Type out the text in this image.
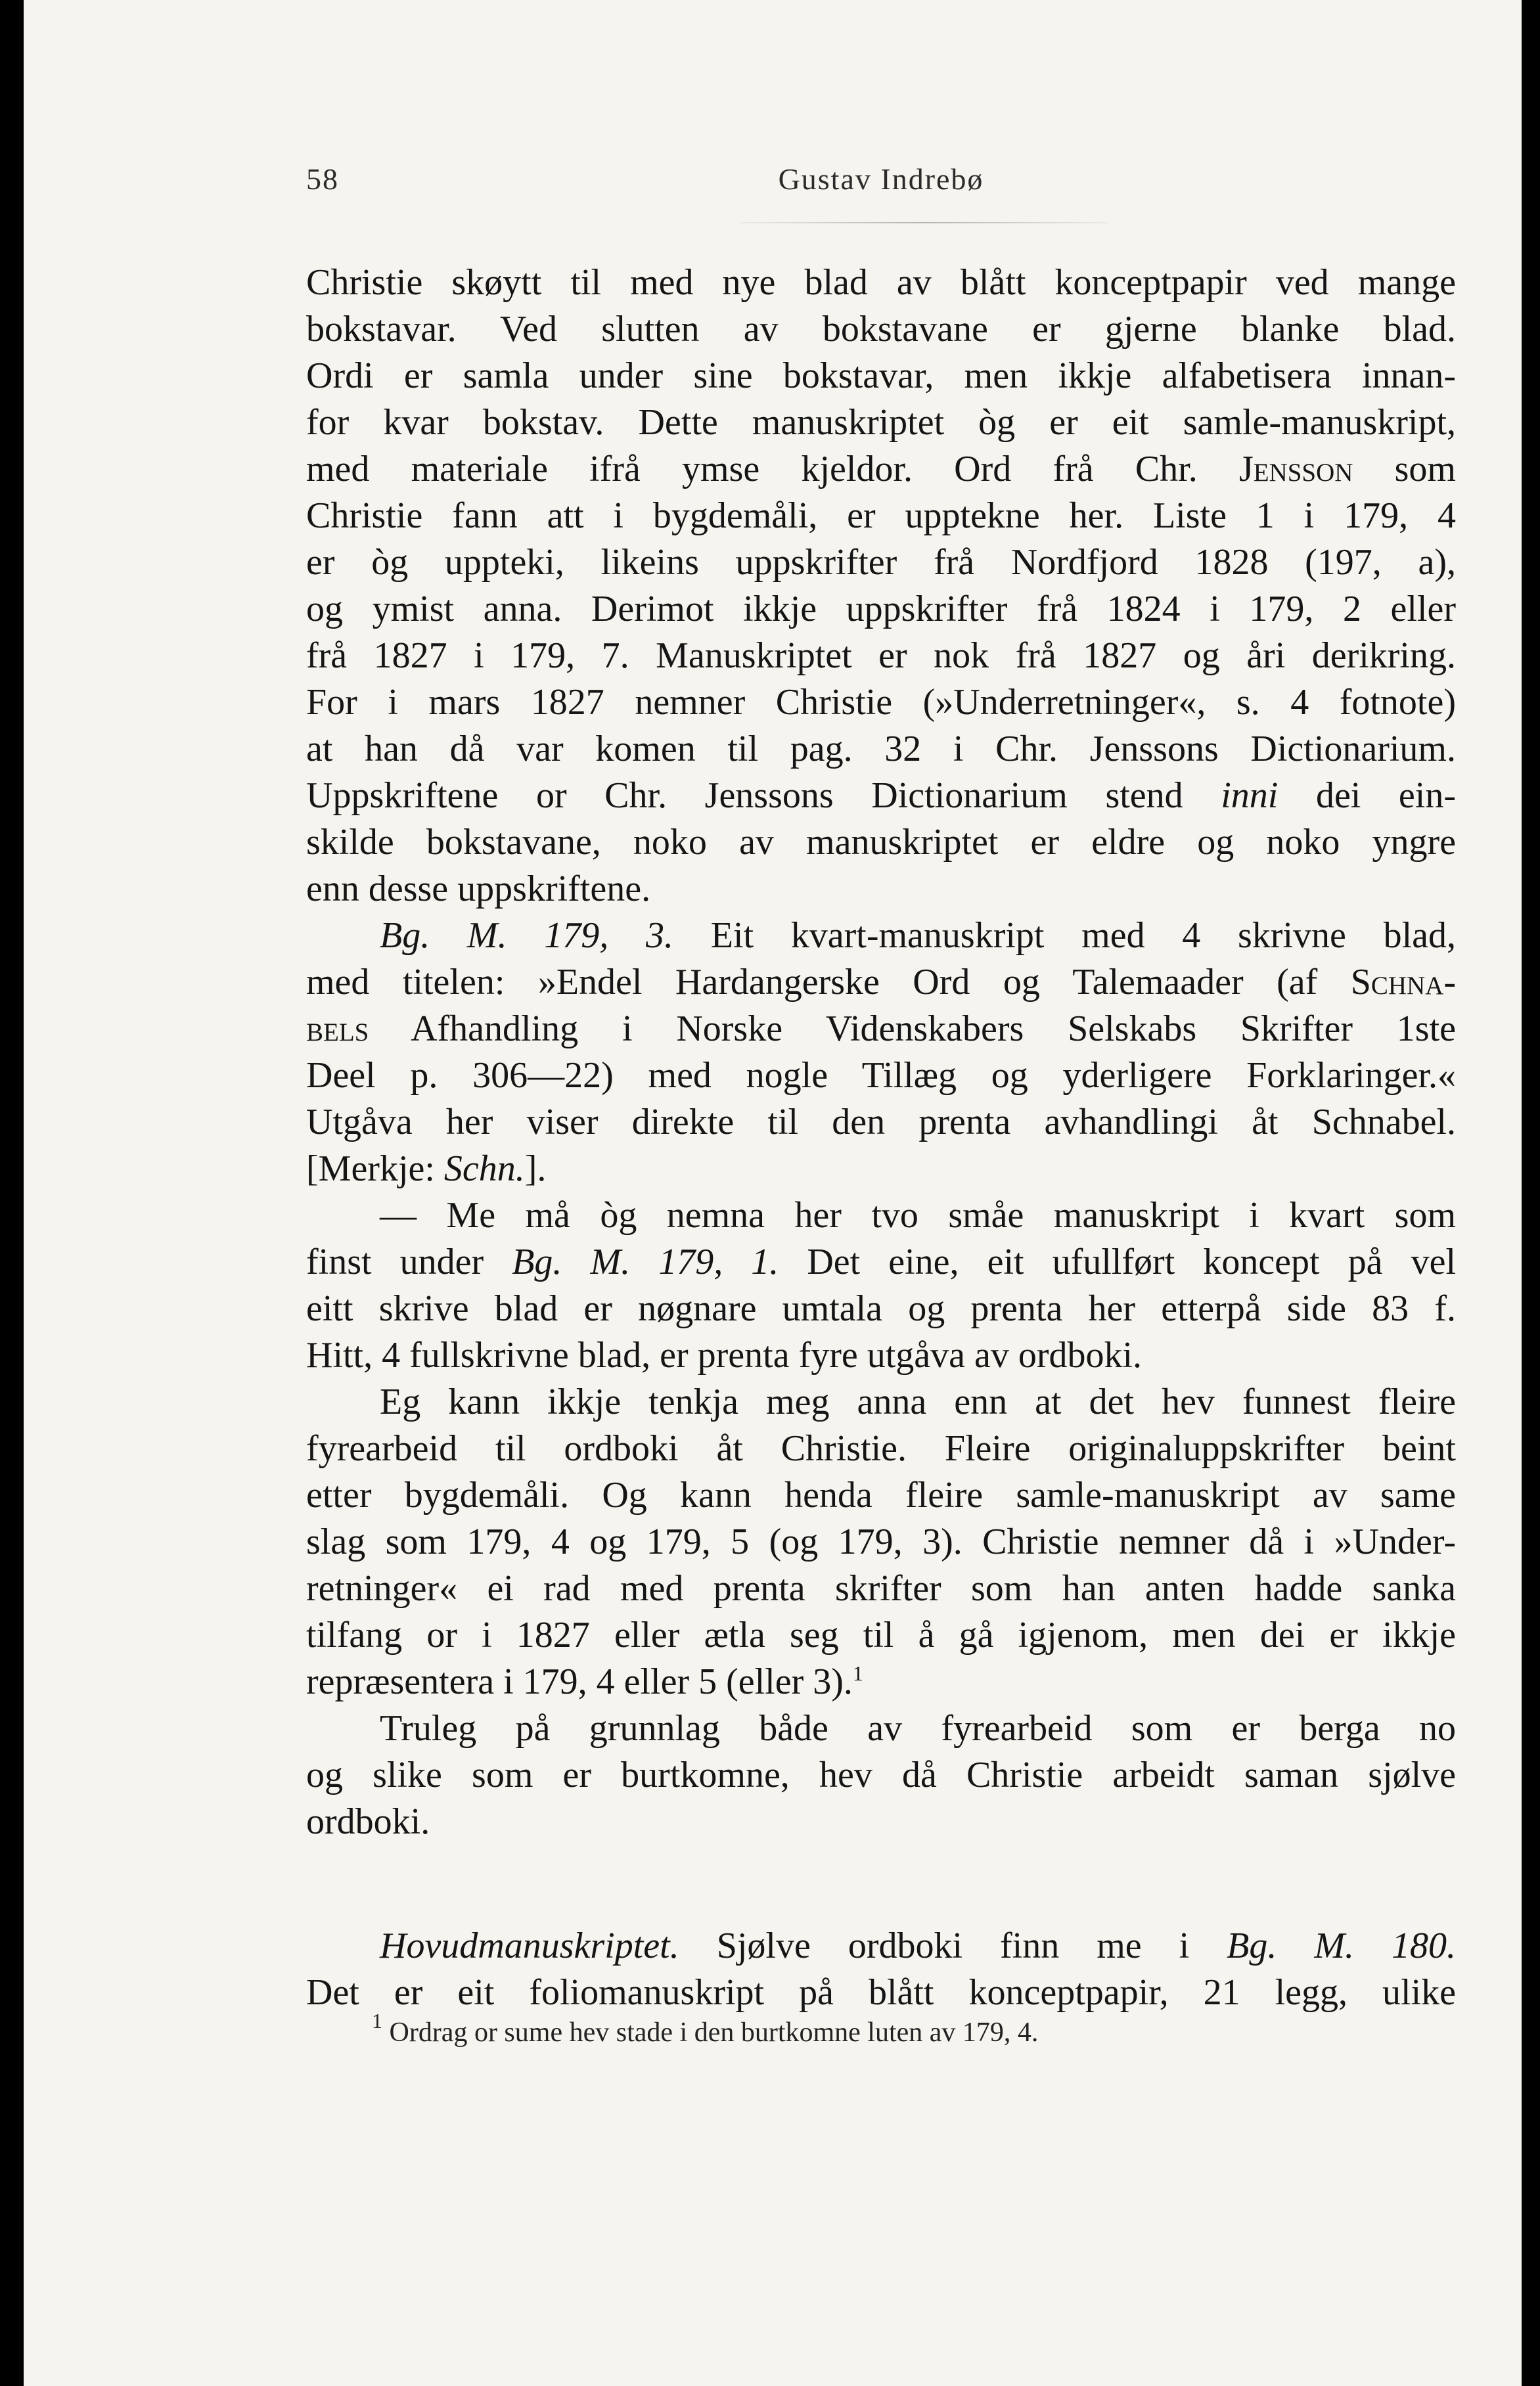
58	Gustav Indrebø
Christie skøytt til med nye blad av blått konceptpapir ved mange
bokstavar. Ved slutten av bokstavane er gjerne blanke blad.
Ordi er samla under sine bokstavar, men ikkje alfabetisera innan-
for kvar bokstav. Dette manuskriptet òg er eit samle-manuskript,
med materiale ifrå ymse kjeldor. Ord frå Chr. Jensson som
Christie fann att i bygdemåli, er upptekne her. Liste 1 i 179, 4
er òg uppteki, likeins uppskrifter frå Nordfjord 1828 (197, a),
og ymist anna. Derimot ikkje uppskrifter frå 1824 i 179, 2 eller
frå 1827 i 179, 7. Manuskriptet er nok frå 1827 og åri derikring.
For i mars 1827 nemner Christie (»Underretninger«, s. 4 fotnote)
at han då var komen til pag. 32 i Chr. Jenssons Dictionarium.
Uppskriftene or Chr. Jenssons Dictionarium stend inni dei ein-
skilde bokstavane, noko av manuskriptet er eldre og noko yngre
enn desse uppskriftene.
Bg. M. 179, 3. Eit kvart-manuskript med 4 skrivne blad,
med titelen: »Endel Hardangerske Ord og Talemaader (af Schna-
bels Afhandling i Norske Videnskabers Selskabs Skrifter 1ste
Deel p. 306—22) med nogle Tillæg og yderligere Forklaringer.«
Utgåva her viser direkte til den prenta avhandlingi åt Schnabel.
[Merkje: Schn.].
— Me må òg nemna her tvo småe manuskript i kvart som
finst under Bg. M. 179, 1. Det eine, eit ufullført koncept på vel
eitt skrive blad er nøgnare umtala og prenta her etterpå side 83 f.
Hitt, 4 fullskrivne blad, er prenta fyre utgåva av ordboki.
Eg kann ikkje tenkja meg anna enn at det hev funnest fleire
fyrearbeid til ordboki åt Christie. Fleire originaluppskrifter beint
etter bygdemåli. Og kann henda fleire samle-manuskript av same
slag som 179, 4 og 179, 5 (og 179, 3). Christie nemner då i »Under-
retninger« ei rad med prenta skrifter som han anten hadde sanka
tilfang or i 1827 eller ætla seg til å gå igjenom, men dei er ikkje
repræsentera i 179, 4 eller 5 (eller 3).$^1$
Truleg på grunnlag både av fyrearbeid som er berga no
og slike som er burtkomne, hev då Christie arbeidt saman sjølve
ordboki.
Hovudmanuskriptet. Sjølve ordboki finn me i Bg. M. 180.
Det er eit foliomanuskript på blått konceptpapir, 21 legg, ulike
$^1$ Ordrag or sume hev stade i den burtkomne luten av 179, 4.
